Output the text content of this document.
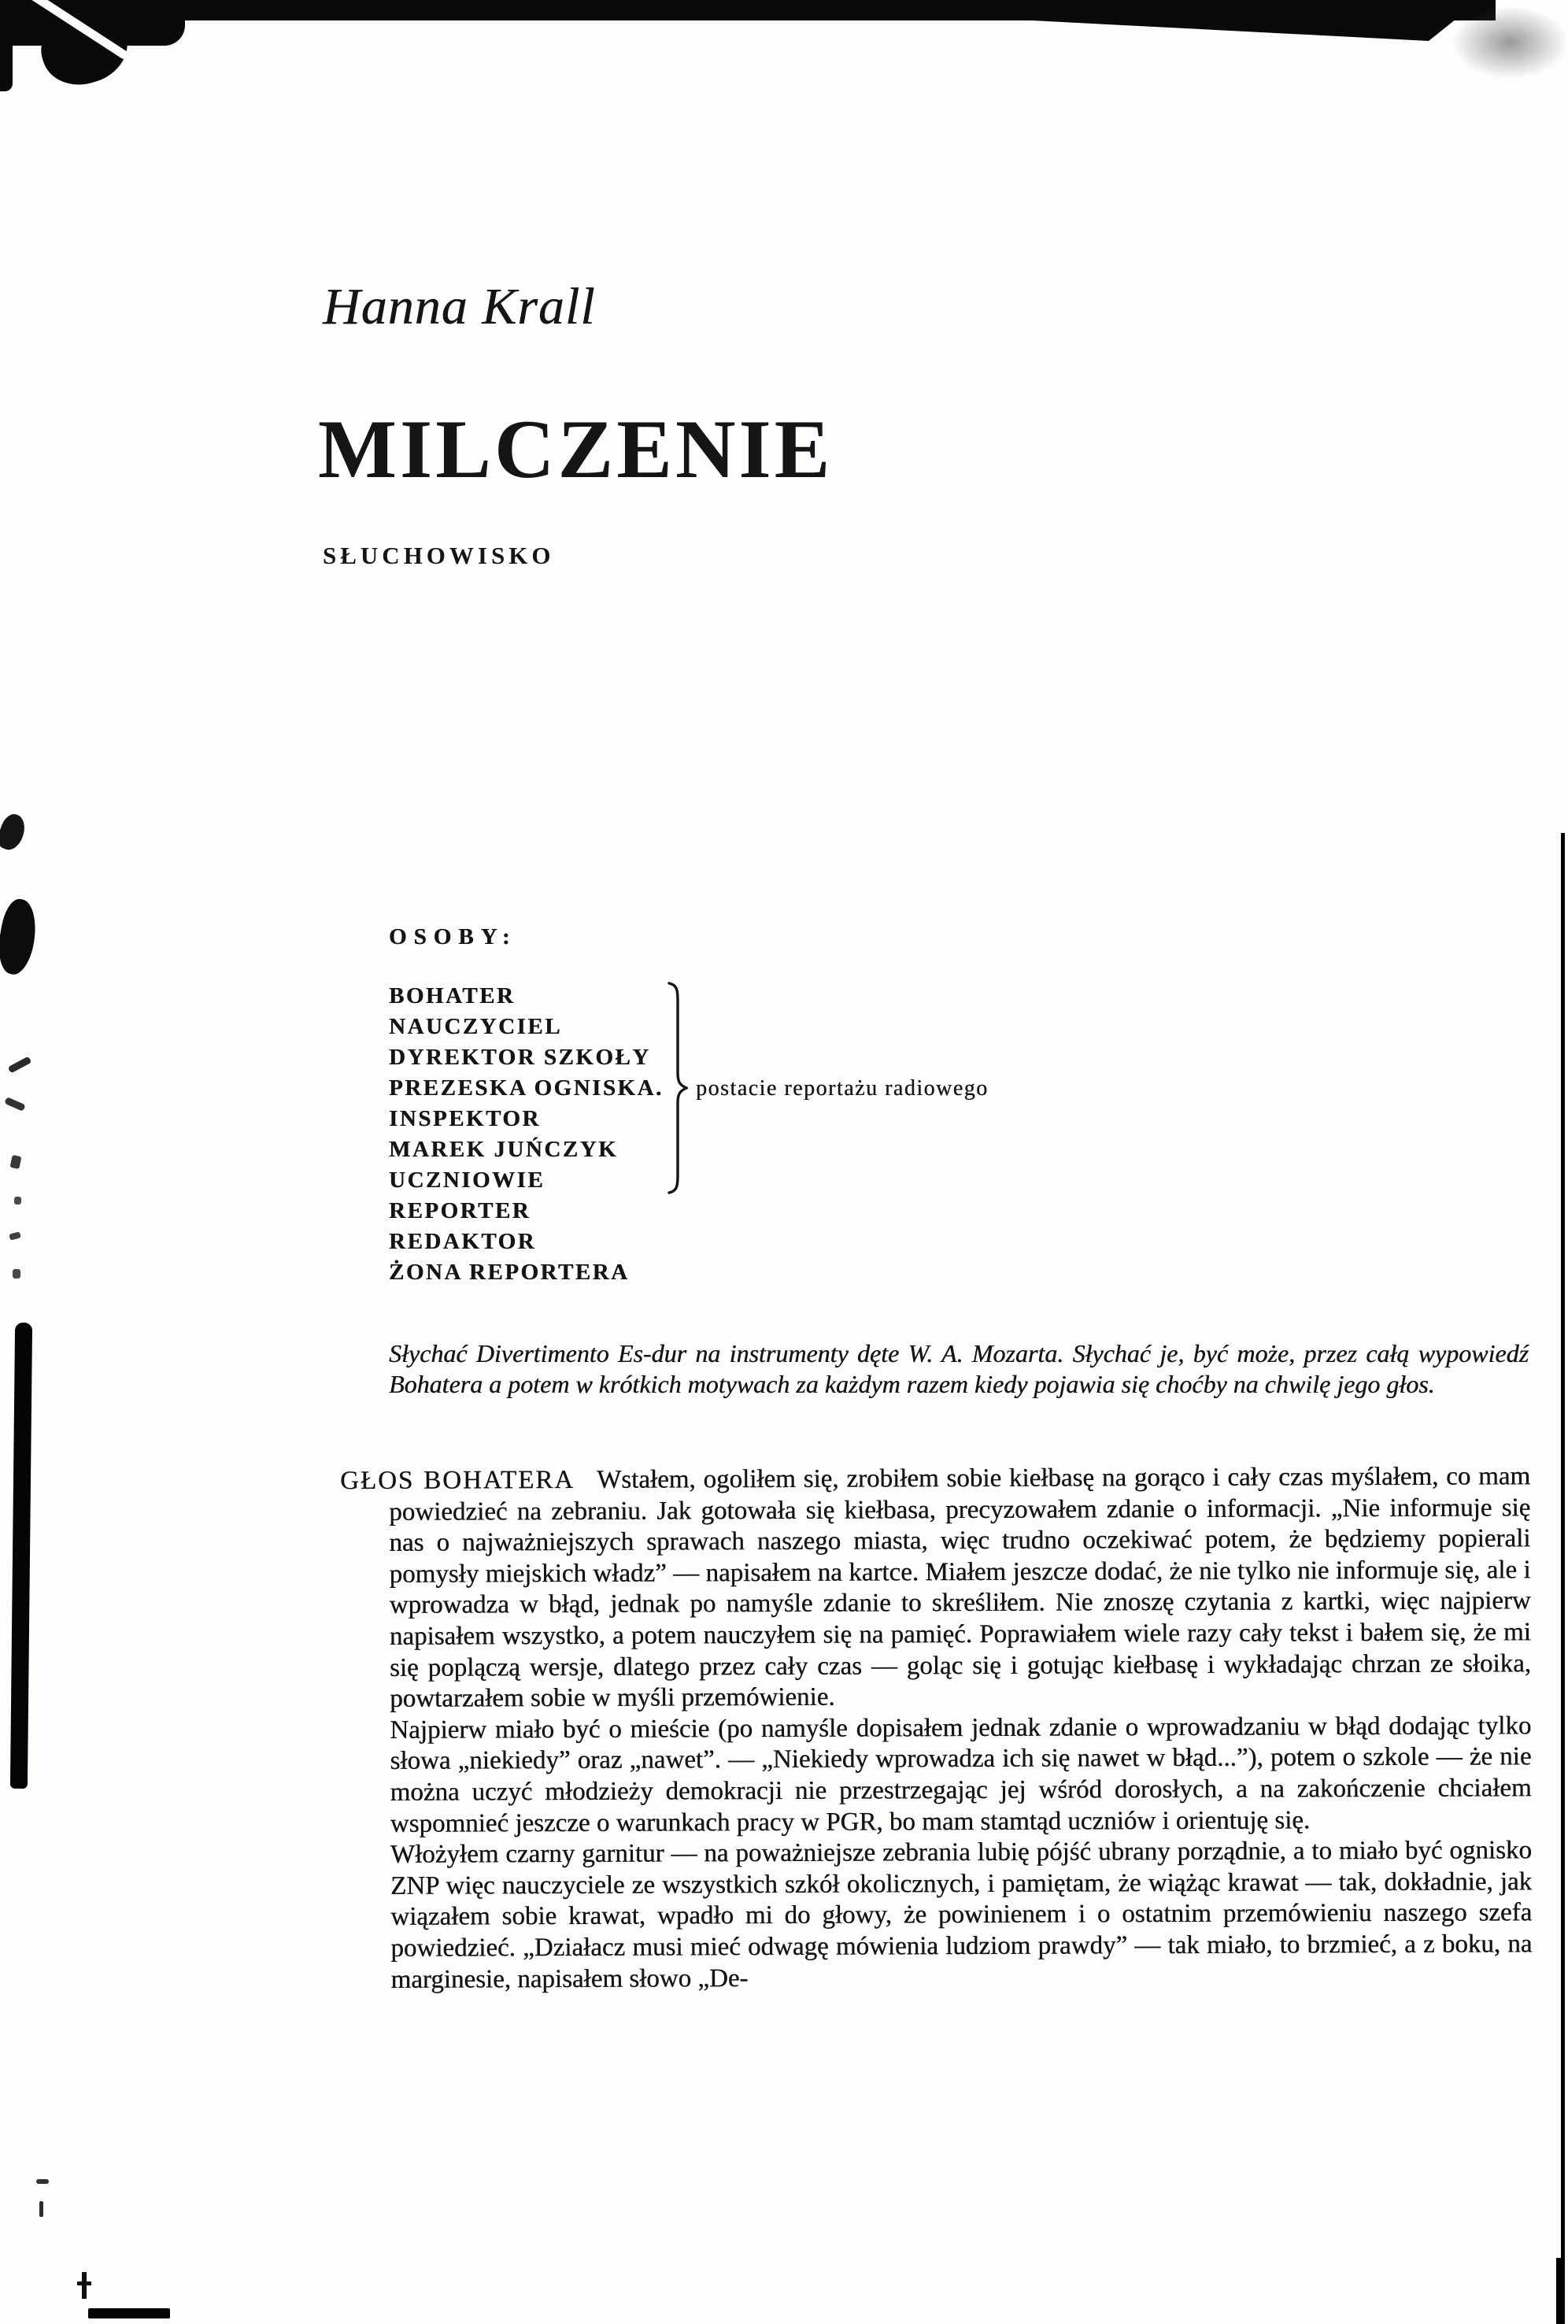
Hanna Krall
MILCZENIE
SŁUCHOWISKO
OSOBY:
BOHATER
NAUCZYCIEL
DYREKTOR SZKOŁY
PREZESKA OGNISKA.
INSPEKTOR
MAREK JUŃCZYK
UCZNIOWIE
REPORTER
REDAKTOR
ŻONA REPORTERA
postacie reportażu radiowego
Słychać Divertimento Es-dur na instrumenty dęte W. A. Mozarta. Słychać je, być może, przez całą wypowiedź Bohatera a potem w krótkich motywach za każdym razem kiedy pojawia się choćby na chwilę jego głos.

GŁOS BOHATERA Wstałem, ogoliłem się, zrobiłem sobie kiełbasę na gorąco i cały czas myślałem, co mam powiedzieć na zebraniu. Jak gotowała się kiełbasa, precyzowałem zdanie o informacji. „Nie informuje się nas o najważniejszych sprawach naszego miasta, więc trudno oczekiwać potem, że będziemy popierali pomysły miejskich władz” — napisałem na kartce. Miałem jeszcze dodać, że nie tylko nie informuje się, ale i wprowadza w błąd, jednak po namyśle zdanie to skreśliłem. Nie znoszę czytania z kartki, więc najpierw napisałem wszystko, a potem nauczyłem się na pamięć. Poprawiałem wiele razy cały tekst i bałem się, że mi się poplączą wersje, dlatego przez cały czas — goląc się i gotując kiełbasę i wykładając chrzan ze słoika, powtarzałem sobie w myśli przemówienie.

Najpierw miało być o mieście (po namyśle dopisałem jednak zdanie o wprowadzaniu w błąd dodając tylko słowa „niekiedy” oraz „nawet”. — „Niekiedy wprowadza ich się nawet w błąd...”), potem o szkole — że nie można uczyć młodzieży demokracji nie przestrzegając jej wśród dorosłych, a na zakończenie chciałem wspomnieć jeszcze o warunkach pracy w PGR, bo mam stamtąd uczniów i orientuję się.

Włożyłem czarny garnitur — na poważniejsze zebrania lubię pójść ubrany porządnie, a to miało być ognisko ZNP więc nauczyciele ze wszystkich szkół okolicznych, i pamiętam, że wiążąc krawat — tak, dokładnie, jak wiązałem sobie krawat, wpadło mi do głowy, że powinienem i o ostatnim przemówieniu naszego szefa powiedzieć. „Działacz musi mieć odwagę mówienia ludziom prawdy” — tak miało, to brzmieć, a z boku, na marginesie, napisałem słowo „De-
